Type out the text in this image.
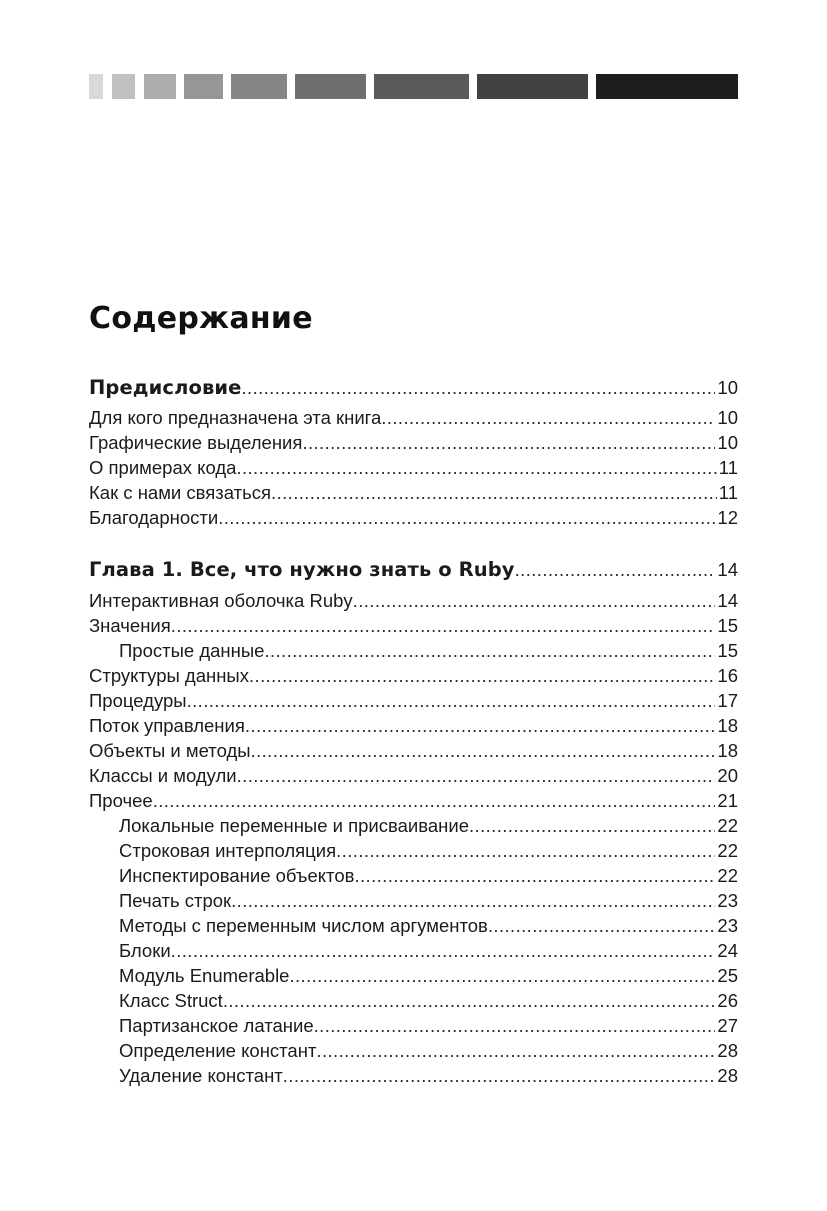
Содержание
Предисловие .....	10
Для кого предназначена эта книга .....	10
Графические выделения .....	10
О примерах кода .....	11
Как с нами связаться .....	11
Благодарности .....	12
Глава 1. Все, что нужно знать о Ruby .....	14
Интерактивная оболочка Ruby .....	14
Значения .....	15
Простые данные .....	15
Структуры данных .....	16
Процедуры .....	17
Поток управления .....	18
Объекты и методы .....	18
Классы и модули .....	20
Прочее .....	21
Локальные переменные и присваивание .....	22
Строковая интерполяция .....	22
Инспектирование объектов .....	22
Печать строк .....	23
Методы с переменным числом аргументов .....	23
Блоки .....	24
Модуль Enumerable .....	25
Класс Struct .....	26
Партизанское латание .....	27
Определение констант .....	28
Удаление констант .....	28
